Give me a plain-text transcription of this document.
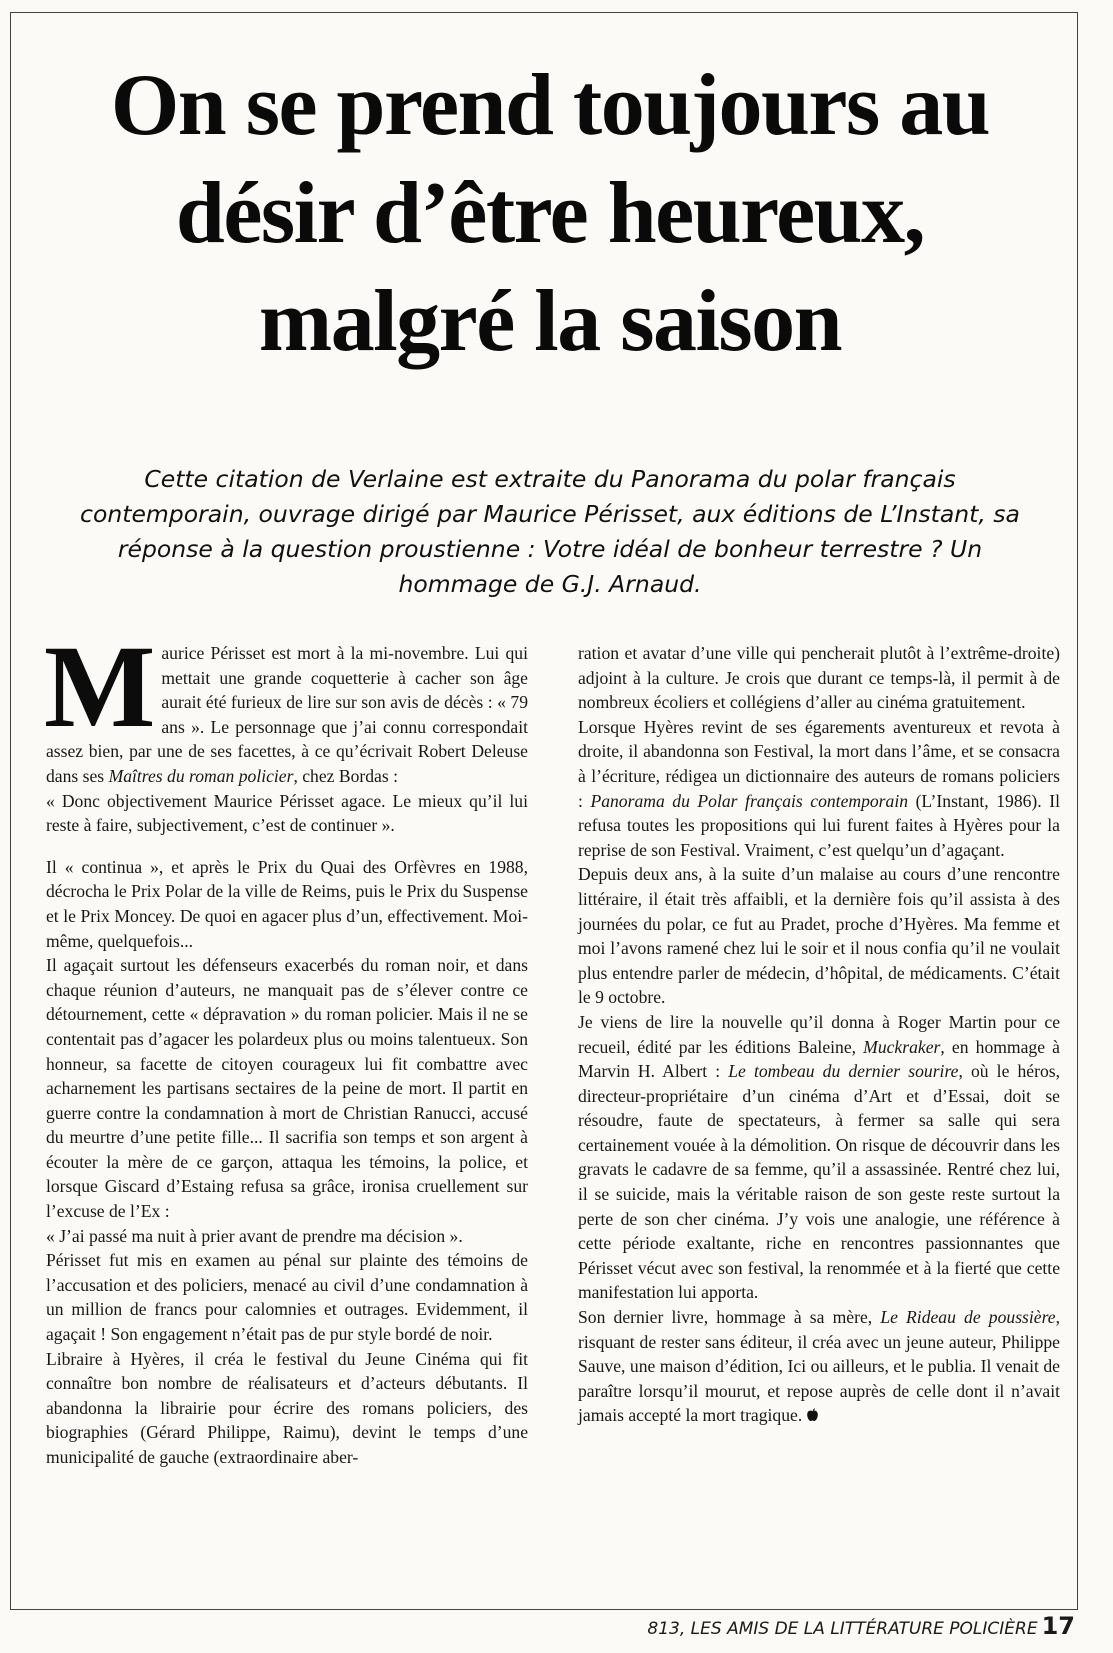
On se prend toujours au
désir d’être heureux,
malgré la saison

Cette citation de Verlaine est extraite du Panorama du polar français contemporain, ouvrage dirigé par Maurice Périsset, aux éditions de L’Instant, sa réponse à la question proustienne : Votre idéal de bonheur terrestre ? Un hommage de G.J. Arnaud.

Maurice Périsset est mort à la mi-novembre. Lui qui mettait une grande coquetterie à cacher son âge aurait été furieux de lire sur son avis de décès : « 79 ans ». Le personnage que j’ai connu correspondait assez bien, par une de ses facettes, à ce qu’écrivait Robert Deleuse dans ses Maîtres du roman policier, chez Bordas :

« Donc objectivement Maurice Périsset agace. Le mieux qu’il lui reste à faire, subjectivement, c’est de continuer ».

Il « continua », et après le Prix du Quai des Orfèvres en 1988, décrocha le Prix Polar de la ville de Reims, puis le Prix du Suspense et le Prix Moncey. De quoi en agacer plus d’un, effectivement. Moi-même, quelquefois...

Il agaçait surtout les défenseurs exacerbés du roman noir, et dans chaque réunion d’auteurs, ne manquait pas de s’élever contre ce détournement, cette « dépravation » du roman policier. Mais il ne se contentait pas d’agacer les polardeux plus ou moins talentueux. Son honneur, sa facette de citoyen courageux lui fit combattre avec acharnement les partisans sectaires de la peine de mort. Il partit en guerre contre la condamnation à mort de Christian Ranucci, accusé du meurtre d’une petite fille... Il sacrifia son temps et son argent à écouter la mère de ce garçon, attaqua les témoins, la police, et lorsque Giscard d’Estaing refusa sa grâce, ironisa cruellement sur l’excuse de l’Ex :

« J’ai passé ma nuit à prier avant de prendre ma décision ».

Périsset fut mis en examen au pénal sur plainte des témoins de l’accusation et des policiers, menacé au civil d’une condamnation à un million de francs pour calomnies et outrages. Evidemment, il agaçait ! Son engagement n’était pas de pur style bordé de noir.

Libraire à Hyères, il créa le festival du Jeune Cinéma qui fit connaître bon nombre de réalisateurs et d’acteurs débutants. Il abandonna la librairie pour écrire des romans policiers, des biographies (Gérard Philippe, Raimu), devint le temps d’une municipalité de gauche (extraordinaire aber-

ration et avatar d’une ville qui pencherait plutôt à l’extrême-droite) adjoint à la culture. Je crois que durant ce temps-là, il permit à de nombreux écoliers et collégiens d’aller au cinéma gratuitement.

Lorsque Hyères revint de ses égarements aventureux et revota à droite, il abandonna son Festival, la mort dans l’âme, et se consacra à l’écriture, rédigea un dictionnaire des auteurs de romans policiers : Panorama du Polar français contemporain (L’Instant, 1986). Il refusa toutes les propositions qui lui furent faites à Hyères pour la reprise de son Festival. Vraiment, c’est quelqu’un d’agaçant.

Depuis deux ans, à la suite d’un malaise au cours d’une rencontre littéraire, il était très affaibli, et la dernière fois qu’il assista à des journées du polar, ce fut au Pradet, proche d’Hyères. Ma femme et moi l’avons ramené chez lui le soir et il nous confia qu’il ne voulait plus entendre parler de médecin, d’hôpital, de médicaments. C’était le 9 octobre.

Je viens de lire la nouvelle qu’il donna à Roger Martin pour ce recueil, édité par les éditions Baleine, Muckraker, en hommage à Marvin H. Albert : Le tombeau du dernier sourire, où le héros, directeur-propriétaire d’un cinéma d’Art et d’Essai, doit se résoudre, faute de spectateurs, à fermer sa salle qui sera certainement vouée à la démolition. On risque de découvrir dans les gravats le cadavre de sa femme, qu’il a assassinée. Rentré chez lui, il se suicide, mais la véritable raison de son geste reste surtout la perte de son cher cinéma. J’y vois une analogie, une référence à cette période exaltante, riche en rencontres passionnantes que Périsset vécut avec son festival, la renommée et à la fierté que cette manifestation lui apporta.

Son dernier livre, hommage à sa mère, Le Rideau de poussière, risquant de rester sans éditeur, il créa avec un jeune auteur, Philippe Sauve, une maison d’édition, Ici ou ailleurs, et le publia. Il venait de paraître lorsqu’il mourut, et repose auprès de celle dont il n’avait jamais accepté la mort tragique.

813, LES AMIS DE LA LITTÉRATURE POLICIÈRE 17
